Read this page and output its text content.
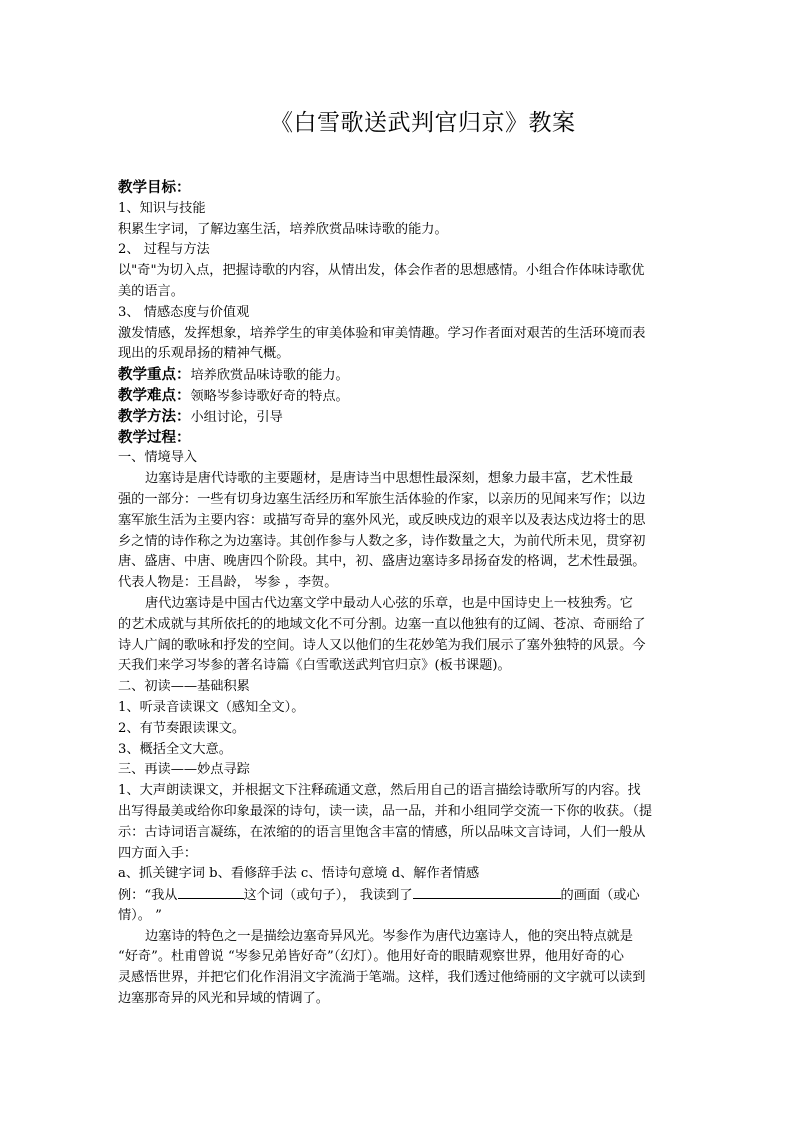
《白雪歌送武判官归京》教案
教学目标：
1、知识与技能
积累生字词，了解边塞生活，培养欣赏品味诗歌的能力。
2、 过程与方法
以"奇"为切入点，把握诗歌的内容，从情出发，体会作者的思想感情。小组合作体味诗歌优
美的语言。
3、 情感态度与价值观
激发情感，发挥想象，培养学生的审美体验和审美情趣。学习作者面对艰苦的生活环境而表
现出的乐观昂扬的精神气概。
教学重点：培养欣赏品味诗歌的能力。
教学难点：领略岑参诗歌好奇的特点。
教学方法：小组讨论，引导
教学过程：
一、情境导入
边塞诗是唐代诗歌的主要题材，是唐诗当中思想性最深刻，想象力最丰富，艺术性最
强的一部分：一些有切身边塞生活经历和军旅生活体验的作家，以亲历的见闻来写作；以边
塞军旅生活为主要内容：或描写奇异的塞外风光，或反映戍边的艰辛以及表达戍边将士的思
乡之情的诗作称之为边塞诗。其创作参与人数之多，诗作数量之大，为前代所未见，贯穿初
唐、盛唐、中唐、晚唐四个阶段。其中，初、盛唐边塞诗多昂扬奋发的格调，艺术性最强。
代表人物是：王昌龄， 岑参 ，李贺。
唐代边塞诗是中国古代边塞文学中最动人心弦的乐章，也是中国诗史上一枝独秀。它
的艺术成就与其所依托的的地域文化不可分割。边塞一直以他独有的辽阔、苍凉、奇丽给了
诗人广阔的歌咏和抒发的空间。诗人又以他们的生花妙笔为我们展示了塞外独特的风景。今
天我们来学习岑参的著名诗篇《白雪歌送武判官归京》(板书课题)。
二、初读——基础积累
1、听录音读课文（感知全文）。
2、有节奏跟读课文。
3、概括全文大意。
三、再读——妙点寻踪
1、大声朗读课文，并根据文下注释疏通文意，然后用自己的语言描绘诗歌所写的内容。找
出写得最美或给你印象最深的诗句，读一读，品一品，并和小组同学交流一下你的收获。（提
示：古诗词语言凝练，在浓缩的的语言里饱含丰富的情感，所以品味文言诗词，人们一般从
四方面入手：
a、抓关键字词 b、看修辞手法 c、悟诗句意境 d、解作者情感
例：“我从	这个词（或句子）， 我读到了	的画面（或心
情）。 ”
边塞诗的特色之一是描绘边塞奇异风光。岑参作为唐代边塞诗人，他的突出特点就是
“好奇”。杜甫曾说 “岑参兄弟皆好奇”（幻灯）。他用好奇的眼睛观察世界，他用好奇的心
灵感悟世界，并把它们化作涓涓文字流淌于笔端。这样，我们透过他绮丽的文字就可以读到
边塞那奇异的风光和异域的情调了。
